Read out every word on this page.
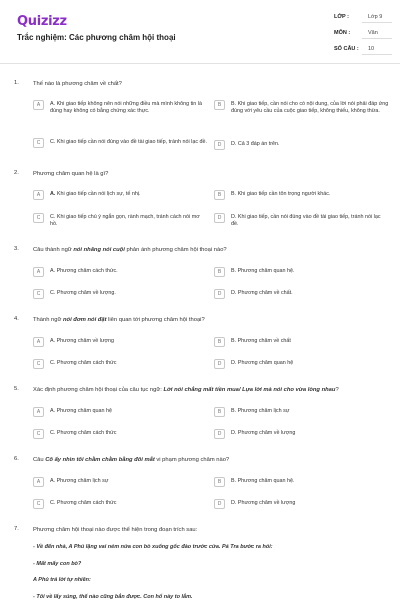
Quizizz
Trắc nghiệm: Các phương châm hội thoại
LỚP :	Lớp 9
MÔN :	Văn
SỐ CÂU : 10
1. Thế nào là phương châm về chất?
A	A. Khi giao tiếp không nên nói những điều mà mình không tin là đúng hay không có bằng chứng xác thực.
B	B. Khi giao tiếp, cần nói cho có nội dung, của lời nói phải đáp ứng đúng với yêu cầu của cuộc giao tiếp, không thiếu, không thừa.
C	C. Khi giao tiếp cần nói đúng vào đề tài giao tiếp, tránh nói lạc đề.	D	D. Cả 3 đáp án trên.
2. Phương châm quan hệ là gì?
A	A. Khi giao tiếp cần nói lịch sự, tế nhị.	B	B. Khi giao tiếp cần tôn trọng người khác.
C	C. Khi giao tiếp chú ý ngắn gọn, rành mạch, tránh cách nói mơ hồ.
D	D. Khi giao tiếp, cần nói đúng vào đề tài giao tiếp, tránh nói lạc đề.
3. Câu thành ngữ nói nhăng nói cuội phản ánh phương châm hội thoại nào?
A	A. Phương châm cách thức.	B	B. Phương châm quan hệ.
C	C. Phương châm về lượng.	D	D. Phương châm về chất.
4. Thành ngữ nói đơm nói đặt liên quan tới phương châm hội thoại?
A	A. Phương châm về lượng	B	B. Phương châm về chất
C	C. Phương châm cách thức	D	D. Phương châm quan hệ
5. Xác định phương châm hội thoại của câu tục ngữ: Lời nói chẳng mất tiền mua/ Lựa lời mà nói cho vừa lòng nhau?
A	A. Phương châm quan hệ	B	B. Phương châm lịch sự
C	C. Phương châm cách thức	D	D. Phương châm về lượng
6. Câu Cô ấy nhìn tôi chằm chằm bằng đôi mắt vi phạm phương châm nào?
A	A. Phương châm lịch sự	B	B. Phương châm quan hệ.
C	C. Phương châm cách thức	D	D. Phương châm về lượng
7. Phương châm hội thoại nào được thể hiện trong đoạn trích sau:
- Về đến nhà, A Phủ lặng vai ném nửa con bò xuống gốc đào trước cửa. Pá Tra bước ra hỏi:
- Mất mấy con bò?
A Phủ trả lời tự nhiên:
- Tôi về lấy súng, thế nào cũng bắn được. Con hổ này to lắm.
